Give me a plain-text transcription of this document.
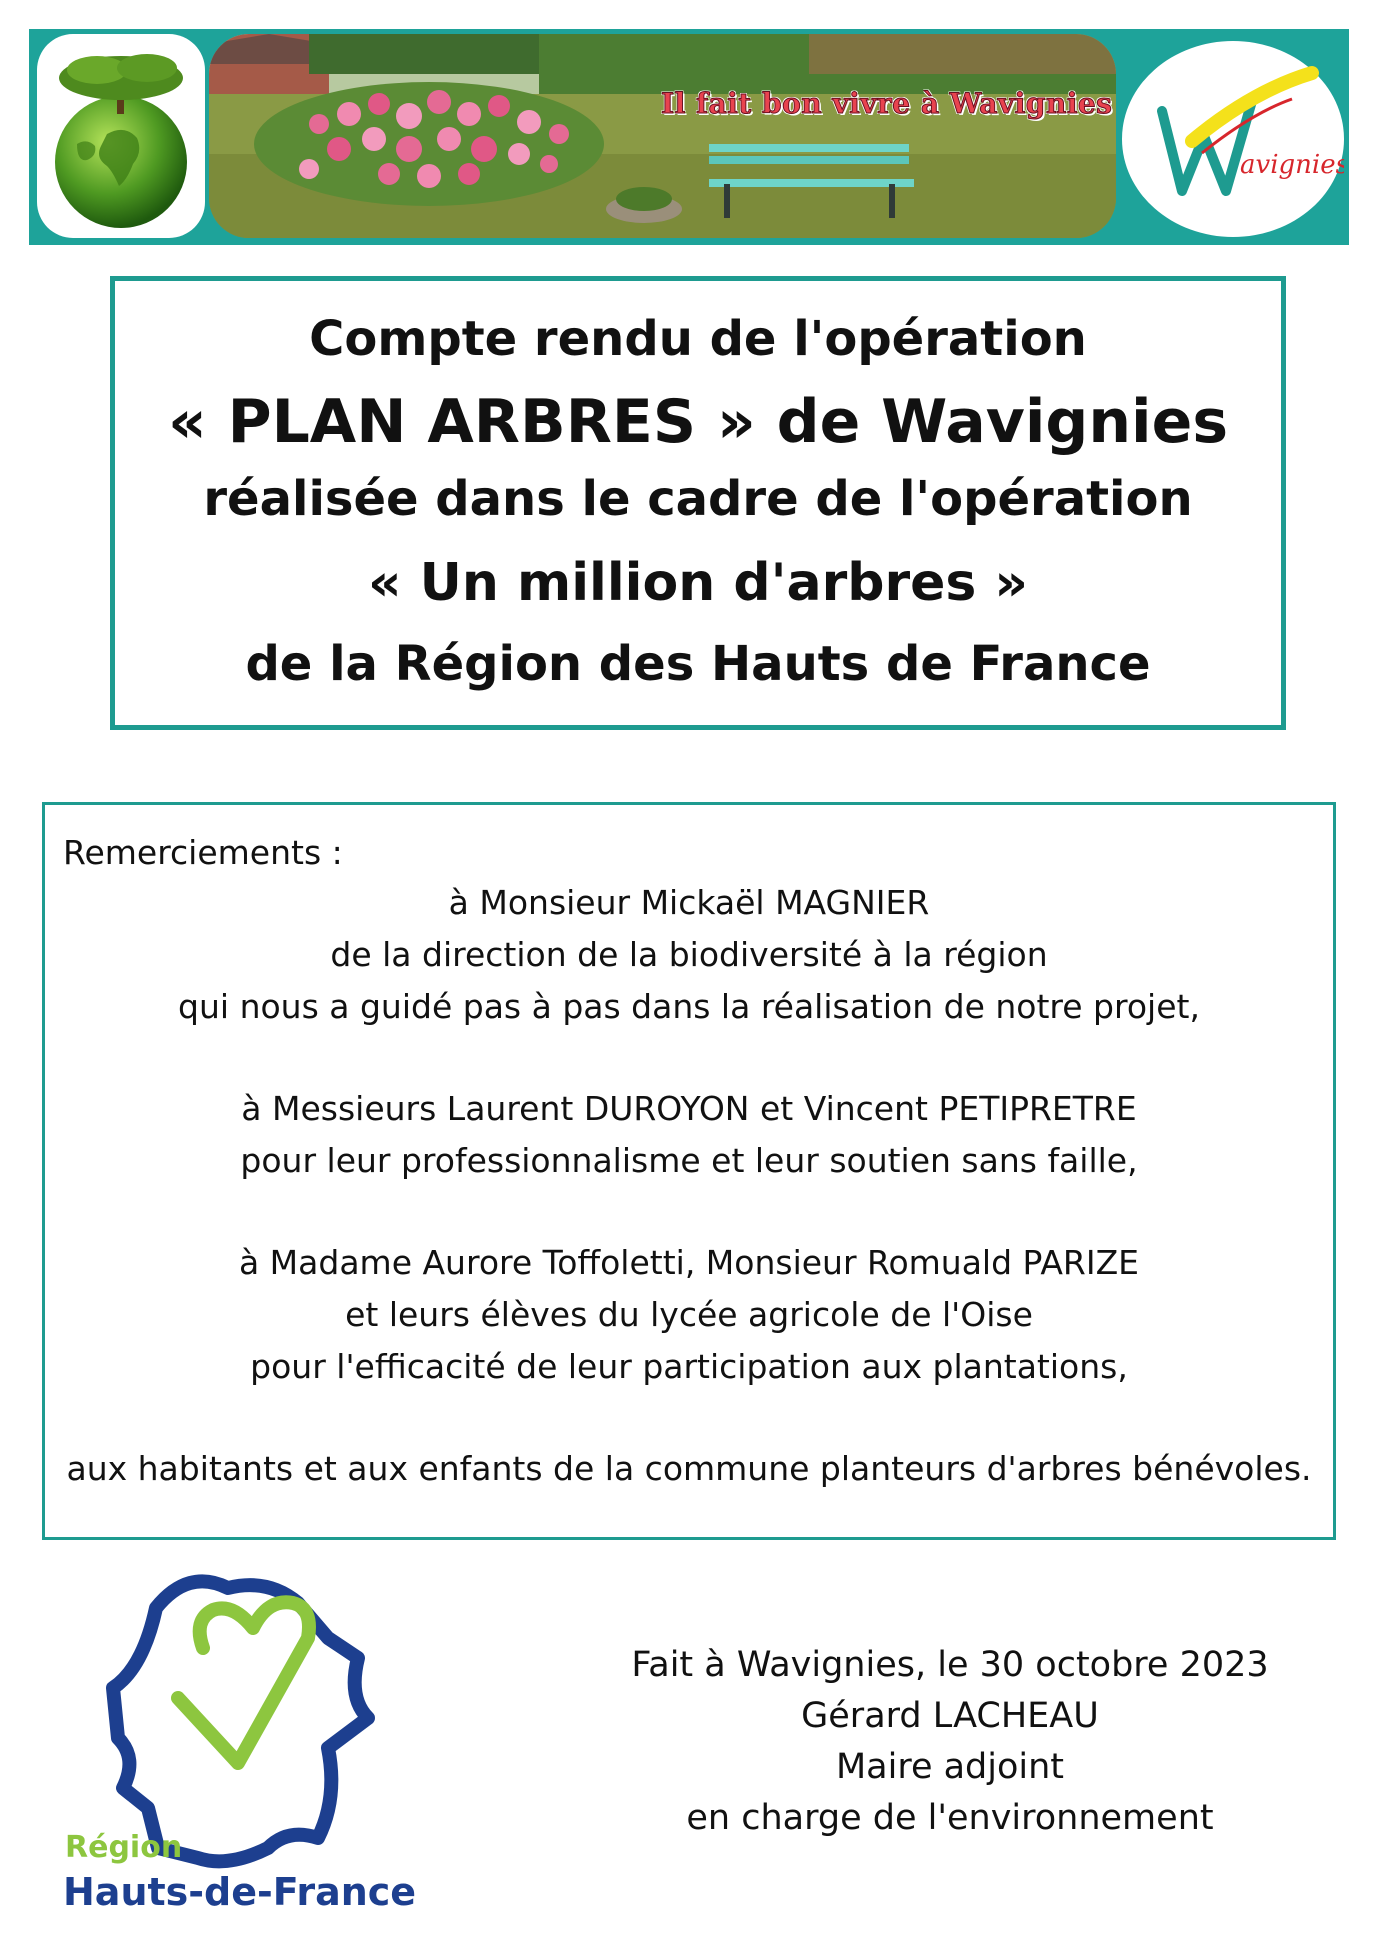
Il fait bon vivre à Wavignies
avignies
Compte rendu de l'opération
« PLAN ARBRES » de Wavignies
réalisée dans le cadre de l'opération
« Un million d'arbres »
de la Région des Hauts de France
Remerciements :
à Monsieur Mickaël MAGNIER
de la direction de la biodiversité à la région
qui nous a guidé pas à pas dans la réalisation de notre projet,
à Messieurs Laurent DUROYON et Vincent PETIPRETRE
pour leur professionnalisme et leur soutien sans faille,
à Madame Aurore Toffoletti, Monsieur Romuald PARIZE
et leurs élèves du lycée agricole de l'Oise
pour l'efficacité de leur participation aux plantations,
aux habitants et aux enfants de la commune planteurs d'arbres bénévoles.
Région
Hauts-de-France
Fait à Wavignies, le 30 octobre 2023
Gérard LACHEAU
Maire adjoint
en charge de l'environnement
